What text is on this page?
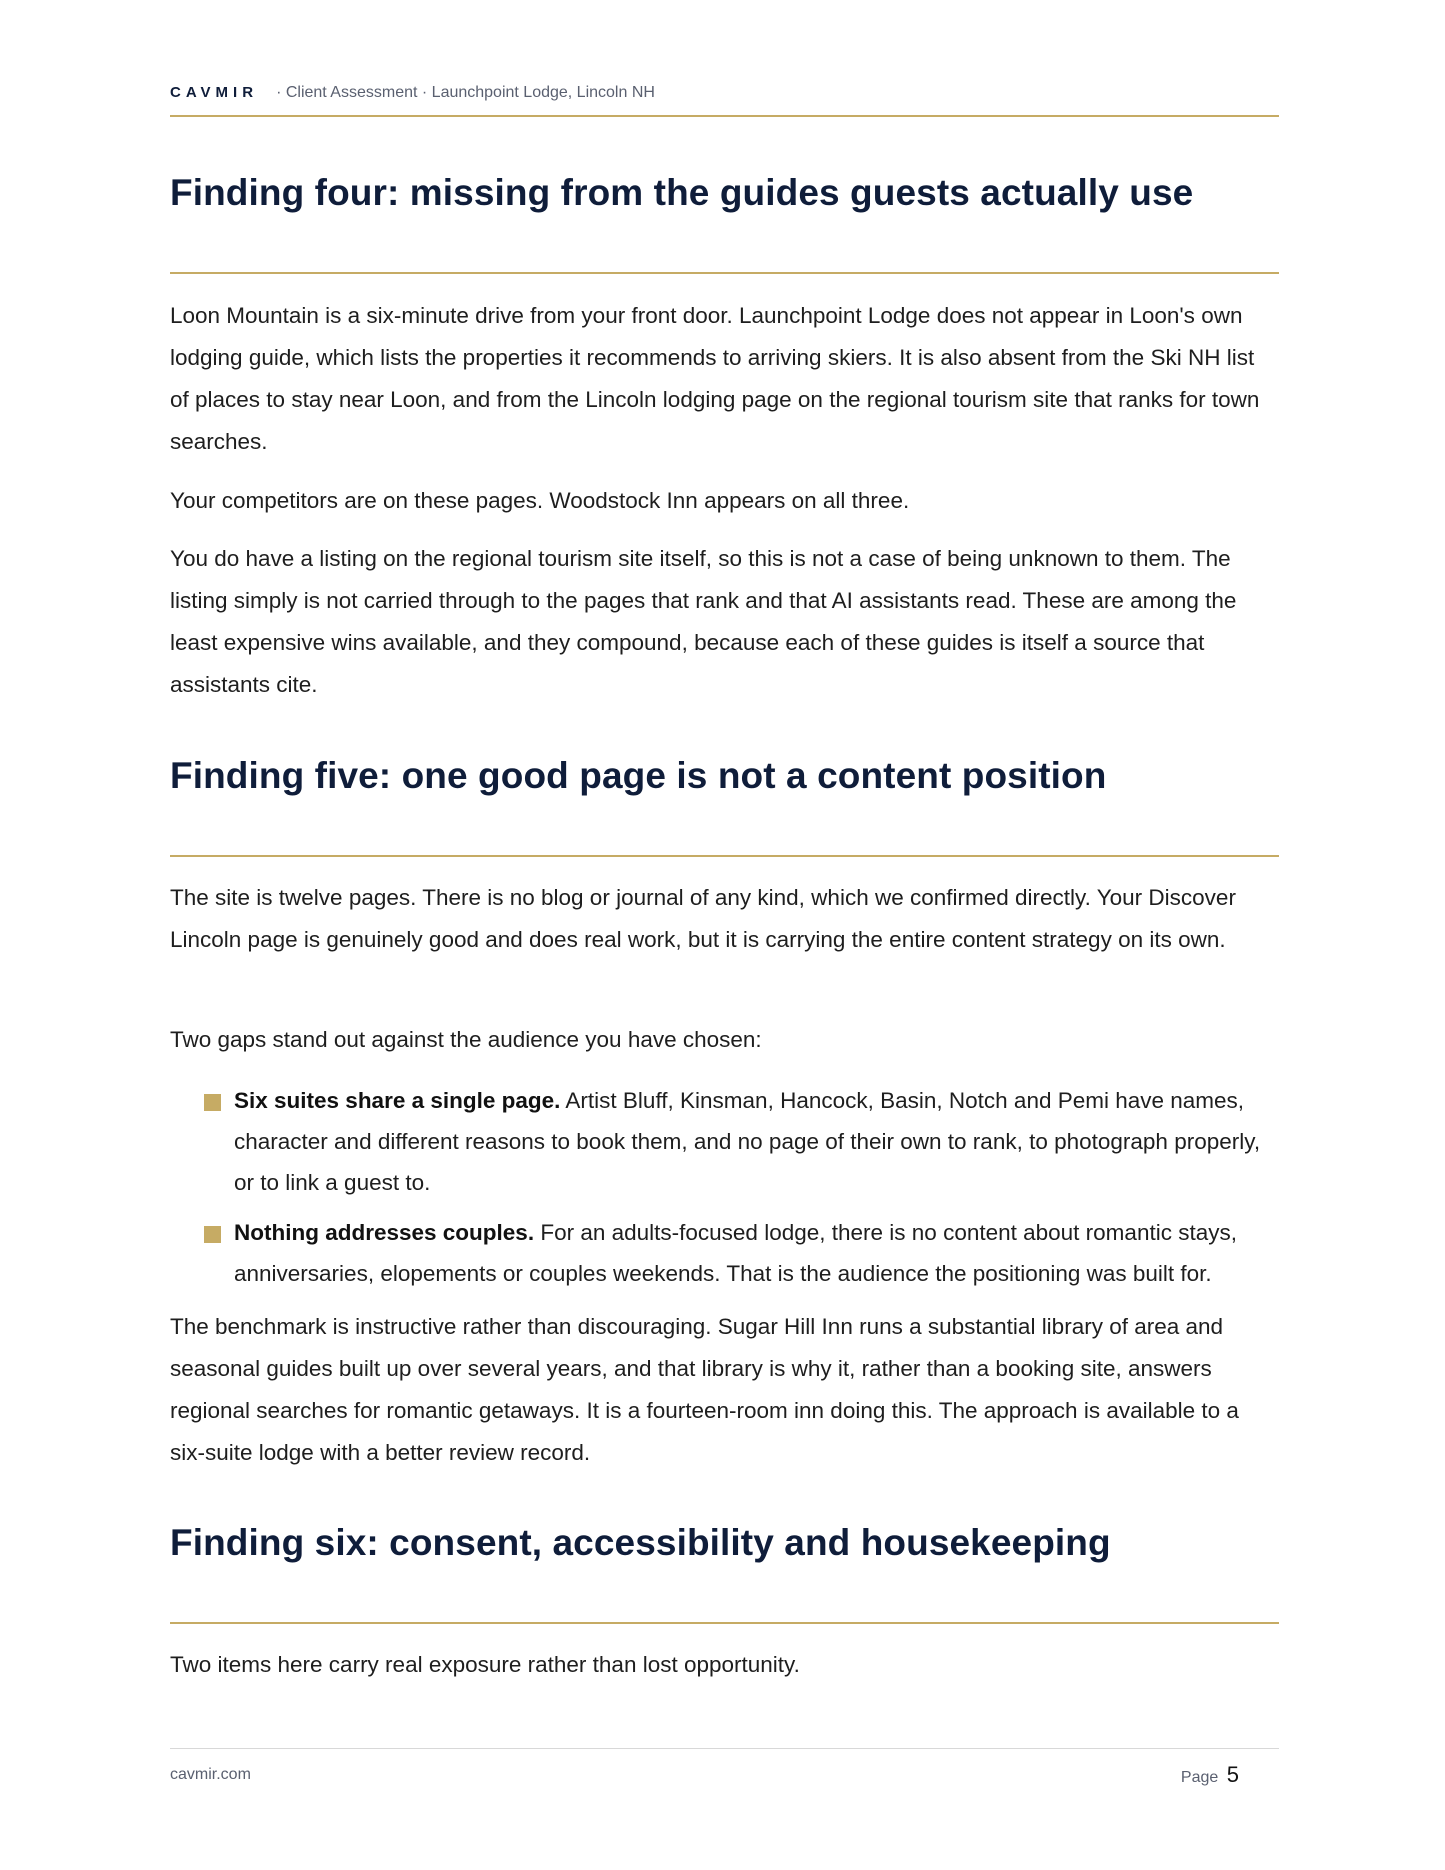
CAVMIR · Client Assessment · Launchpoint Lodge, Lincoln NH
Finding four: missing from the guides guests actually use

Loon Mountain is a six-minute drive from your front door. Launchpoint Lodge does not appear in Loon's own lodging guide, which lists the properties it recommends to arriving skiers. It is also absent from the Ski NH list of places to stay near Loon, and from the Lincoln lodging page on the regional tourism site that ranks for town searches.

Your competitors are on these pages. Woodstock Inn appears on all three.

You do have a listing on the regional tourism site itself, so this is not a case of being unknown to them. The listing simply is not carried through to the pages that rank and that AI assistants read. These are among the least expensive wins available, and they compound, because each of these guides is itself a source that assistants cite.

Finding five: one good page is not a content position

The site is twelve pages. There is no blog or journal of any kind, which we confirmed directly. Your Discover Lincoln page is genuinely good and does real work, but it is carrying the entire content strategy on its own.

Two gaps stand out against the audience you have chosen:

Six suites share a single page. Artist Bluff, Kinsman, Hancock, Basin, Notch and Pemi have names, character and different reasons to book them, and no page of their own to rank, to photograph properly, or to link a guest to.
Nothing addresses couples. For an adults-focused lodge, there is no content about romantic stays, anniversaries, elopements or couples weekends. That is the audience the positioning was built for.

The benchmark is instructive rather than discouraging. Sugar Hill Inn runs a substantial library of area and seasonal guides built up over several years, and that library is why it, rather than a booking site, answers regional searches for romantic getaways. It is a fourteen-room inn doing this. The approach is available to a six-suite lodge with a better review record.

Finding six: consent, accessibility and housekeeping

Two items here carry real exposure rather than lost opportunity.

cavmir.com	Page 5
